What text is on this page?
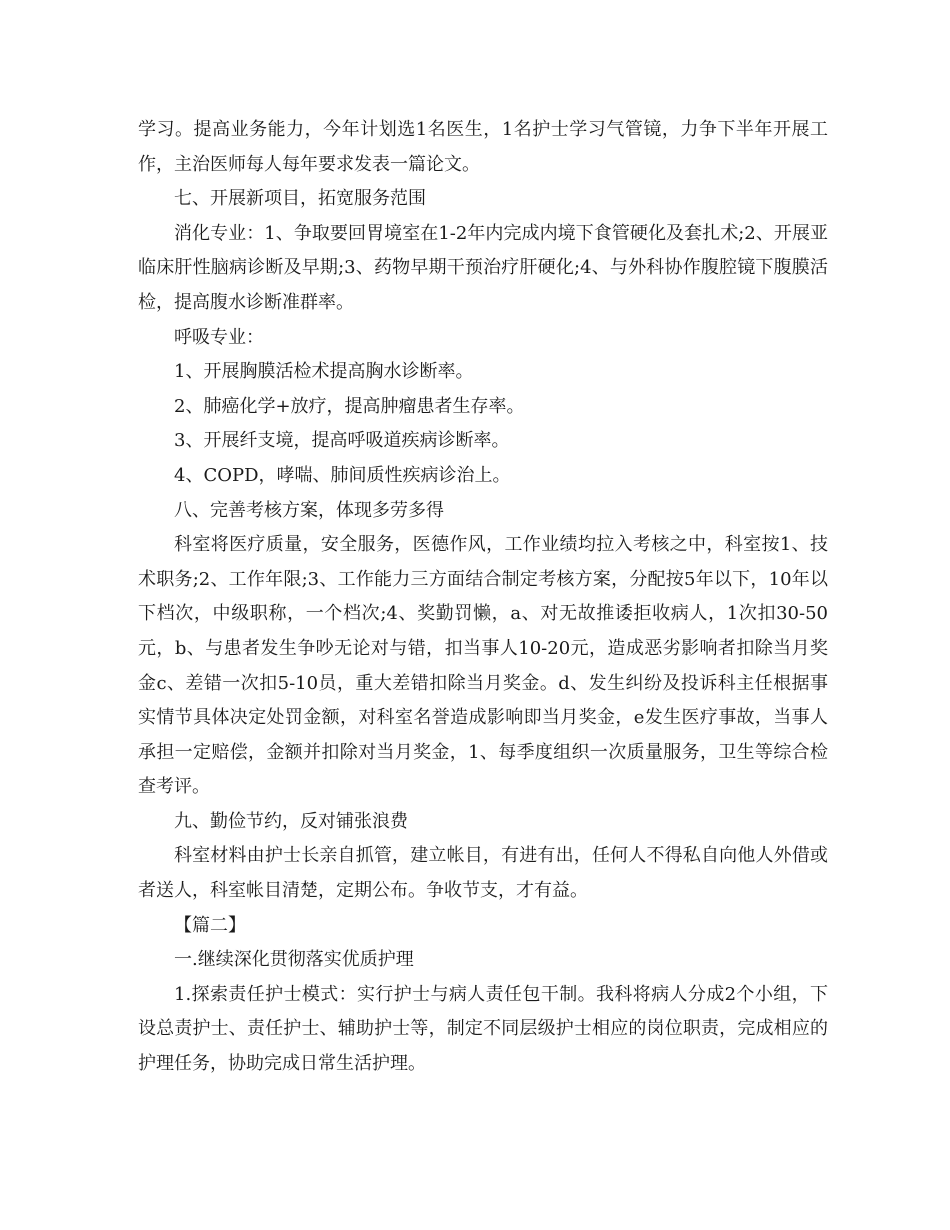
学习。提高业务能力，今年计划选1名医生，1名护士学习气管镜，力争下半年开展工作，主治医师每人每年要求发表一篇论文。

七、开展新项目，拓宽服务范围

消化专业：1、争取要回胃境室在1-2年内完成内境下食管硬化及套扎术;2、开展亚临床肝性脑病诊断及早期;3、药物早期干预治疗肝硬化;4、与外科协作腹腔镜下腹膜活检，提高腹水诊断准群率。

呼吸专业：

1、开展胸膜活检术提高胸水诊断率。

2、肺癌化学+放疗，提高肿瘤患者生存率。

3、开展纤支境，提高呼吸道疾病诊断率。

4、COPD，哮喘、肺间质性疾病诊治上。

八、完善考核方案，体现多劳多得

科室将医疗质量，安全服务，医德作风，工作业绩均拉入考核之中，科室按1、技术职务;2、工作年限;3、工作能力三方面结合制定考核方案，分配按5年以下，10年以下档次，中级职称，一个档次;4、奖勤罚懒，a、对无故推诿拒收病人，1次扣30-50元，b、与患者发生争吵无论对与错，扣当事人10-20元，造成恶劣影响者扣除当月奖金c、差错一次扣5-10员，重大差错扣除当月奖金。d、发生纠纷及投诉科主任根据事实情节具体决定处罚金额，对科室名誉造成影响即当月奖金，e发生医疗事故，当事人承担一定赔偿，金额并扣除对当月奖金，1、每季度组织一次质量服务，卫生等综合检查考评。

九、勤俭节约，反对铺张浪费

科室材料由护士长亲自抓管，建立帐目，有进有出，任何人不得私自向他人外借或者送人，科室帐目清楚，定期公布。争收节支，才有益。

【篇二】

一.继续深化贯彻落实优质护理

1.探索责任护士模式：实行护士与病人责任包干制。我科将病人分成2个小组，下设总责护士、责任护士、辅助护士等，制定不同层级护士相应的岗位职责，完成相应的护理任务，协助完成日常生活护理。
